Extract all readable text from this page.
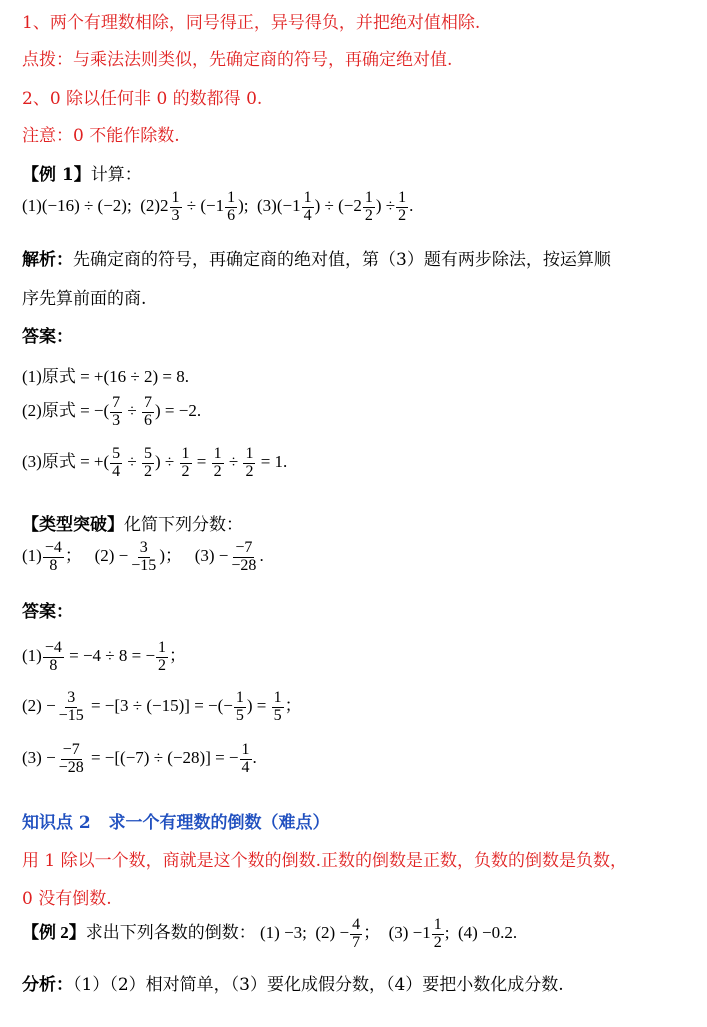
1、两个有理数相除，同号得正，异号得负，并把绝对值相除.
点拨：与乘法法则类似，先确定商的符号，再确定绝对值.
2、0 除以任何非 0 的数都得 0.
注意：0 不能作除数.
【例 1】计算：
(1)(−16) ÷ (−2); $(2)2 \frac{1}{3} \div (-1 \frac{1}{6}$ ); $(3)(-1 \frac{1}{4}$ ) ÷ ($-2 \frac{1}{2}$ ) ÷ $\frac{1}{2}$ .
解析：先确定商的符号，再确定商的绝对值，第（3）题有两步除法，按运算顺
序先算前面的商.
答案：
(1)原式 = +(16 ÷ 2) = 8.
(2)原式 = −( $\frac{7}{3} \div \frac{7}{6}$ ) = −2.
(3)原式 = +( $\frac{5}{4} \div \frac{5}{2}$ ) ÷ $\frac{1}{2} = \frac{1}{2} \div \frac{1}{2} = 1$.
【类型突破】化简下列分数：
$(1) \frac{-4}{8}$ ； $(2) - \frac{3}{-15}$ )； $(3) - \frac{-7}{-28}$ .
答案：
$(1) \frac{-4}{8} = -4 \div 8$ = − $\frac{1}{2}$ ；
$(2) - \frac{3}{-15} = -[3 \div (-15)]$ = −(− $\frac{1}{5}$ ) = $\frac{1}{5}$ ；
$(3) - \frac{-7}{-28} = -[(-7) \div (-28)]$ = − $\frac{1}{4}$ .
知识点 2 求一个有理数的倒数（难点）
用 1 除以一个数，商就是这个数的倒数.正数的倒数是正数，负数的倒数是负数，
0 没有倒数.
【例 2】求出下列各数的倒数： (1) −3; $(2) - \frac{4}{7}$ ； $(3) -1 \frac{1}{2}$ ; (4) −0.2.
分析：（1）（2）相对简单，（3）要化成假分数，（4）要把小数化成分数.
